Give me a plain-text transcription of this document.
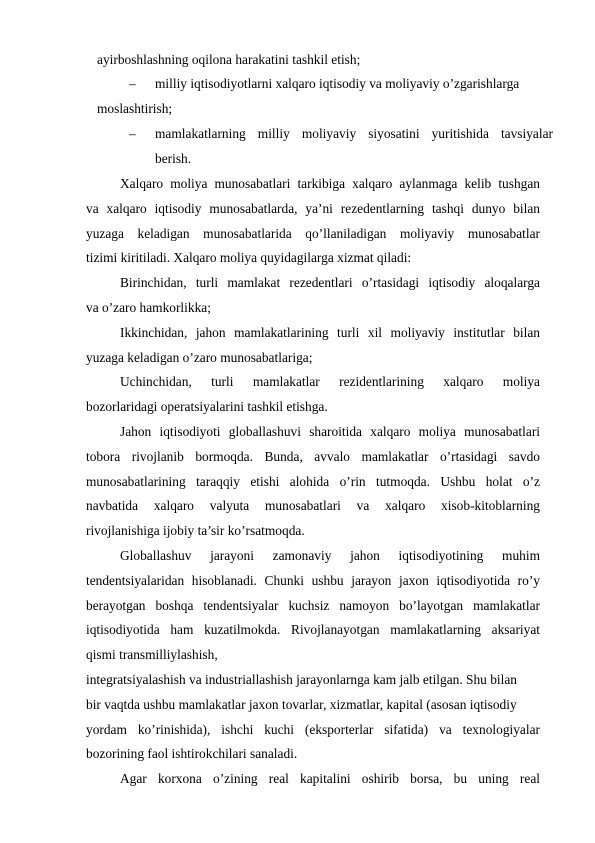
ayirboshlashning oqilona harakatini tashkil etish;
– milliy iqtisodiyotlarni xalqaro iqtisodiy va moliyaviy o’zgarishlarga
moslashtirish;
– mamlakatlarning milliy moliyaviy siyosatini yuritishida tavsiyalar
berish.
Xalqaro moliya munosabatlari tarkibiga xalqaro aylanmaga kelib tushgan
va xalqaro iqtisodiy munosabatlarda, ya’ni rezedentlarning tashqi dunyo bilan
yuzaga keladigan munosabatlarida qo’llaniladigan moliyaviy munosabatlar
tizimi kiritiladi. Xalqaro moliya quyidagilarga xizmat qiladi:
Birinchidan, turli mamlakat rezedentlari o’rtasidagi iqtisodiy aloqalarga
va o’zaro hamkorlikka;
Ikkinchidan, jahon mamlakatlarining turli xil moliyaviy institutlar bilan
yuzaga keladigan o’zaro munosabatlariga;
Uchinchidan, turli mamlakatlar rezidentlarining xalqaro moliya
bozorlaridagi operatsiyalarini tashkil etishga.
Jahon iqtisodiyoti globallashuvi sharoitida xalqaro moliya munosabatlari
tobora rivojlanib bormoqda. Bunda, avvalo mamlakatlar o’rtasidagi savdo
munosabatlarining taraqqiy etishi alohida o’rin tutmoqda. Ushbu holat o’z
navbatida xalqaro valyuta munosabatlari va xalqaro xisob-kitoblarning
rivojlanishiga ijobiy ta’sir ko’rsatmoqda.
Globallashuv jarayoni zamonaviy jahon iqtisodiyotining muhim
tendentsiyalaridan hisoblanadi. Chunki ushbu jarayon jaxon iqtisodiyotida ro’y
berayotgan boshqa tendentsiyalar kuchsiz namoyon bo’layotgan mamlakatlar
iqtisodiyotida ham kuzatilmokda. Rivojlanayotgan mamlakatlarning aksariyat
qismi transmilliylashish,
integratsiyalashish va industriallashish jarayonlarnga kam jalb etilgan. Shu bilan
bir vaqtda ushbu mamlakatlar jaxon tovarlar, xizmatlar, kapital (asosan iqtisodiy
yordam ko’rinishida), ishchi kuchi (eksporterlar sifatida) va texnologiyalar
bozorining faol ishtirokchilari sanaladi.
Agar korxona o’zining real kapitalini oshirib borsa, bu uning real
